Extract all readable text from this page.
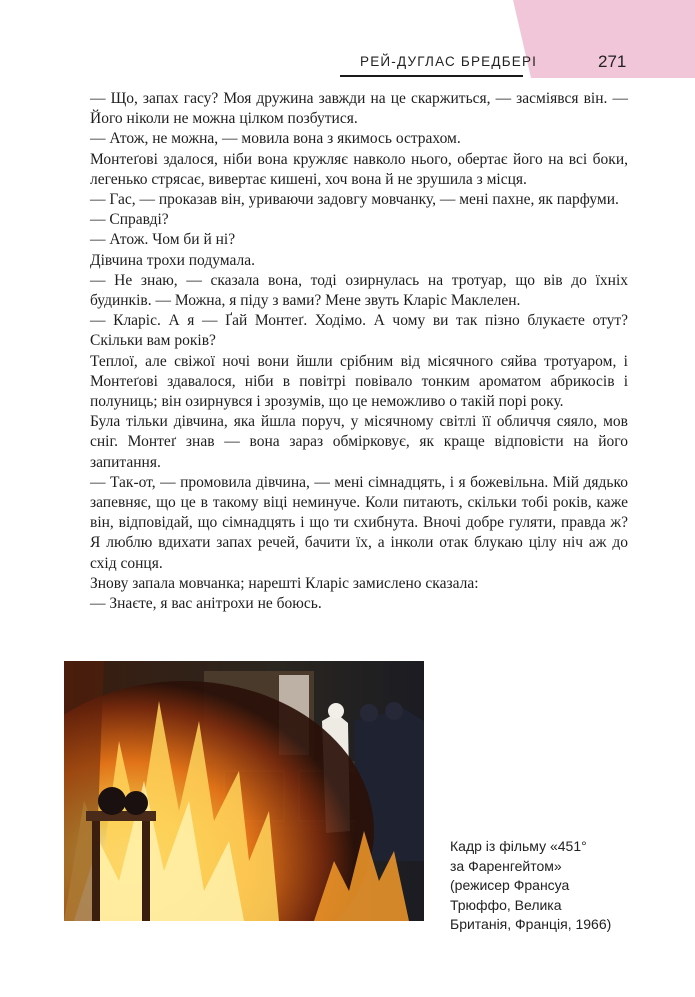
РЕЙ-ДУГЛАС БРЕДБЕРІ	271

— Що, запах гасу? Моя дружина завжди на це скаржиться, — засміявся він. — Його ніколи не можна цілком позбутися.

— Атож, не можна, — мовила вона з якимось острахом.

Монтеґові здалося, ніби вона кружляє навколо нього, обертає його на всі боки, легенько стрясає, вивертає кишені, хоч вона й не зрушила з місця.

— Гас, — проказав він, уриваючи задовгу мовчанку, — мені пахне, як парфуми.

— Справді?

— Атож. Чом би й ні?

Дівчина трохи подумала.

— Не знаю, — сказала вона, тоді озирнулась на тротуар, що вів до їхніх будинків. — Можна, я піду з вами? Мене звуть Кларіс Маклелен.

— Кларіс. А я — Ґай Монтеґ. Ходімо. А чому ви так пізно блукаєте отут? Скільки вам років?

Теплої, але свіжої ночі вони йшли срібним від місячного сяйва тротуаром, і Монтеґові здавалося, ніби в повітрі повівало тонким ароматом абрикосів і полуниць; він озирнувся і зрозумів, що це неможливо о такій порі року.

Була тільки дівчина, яка йшла поруч, у місячному світлі її обличчя сяяло, мов сніг. Монтеґ знав — вона зараз обмірковує, як краще відповісти на його запитання.

— Так-от, — промовила дівчина, — мені сімнадцять, і я божевільна. Мій дядько запевняє, що це в такому віці неминуче. Коли питають, скільки тобі років, каже він, відповідай, що сімнадцять і що ти схибнута. Вночі добре гуляти, правда ж? Я люблю вдихати запах речей, бачити їх, а інколи отак блукаю цілу ніч аж до схід сонця.

Знову запала мовчанка; нарешті Кларіс замислено сказала:

— Знаєте, я вас анітрохи не боюсь.

Кадр із фільму «451°
за Фаренгейтом»
(режисер Франсуа
Трюффо, Велика
Британія, Франція, 1966)
